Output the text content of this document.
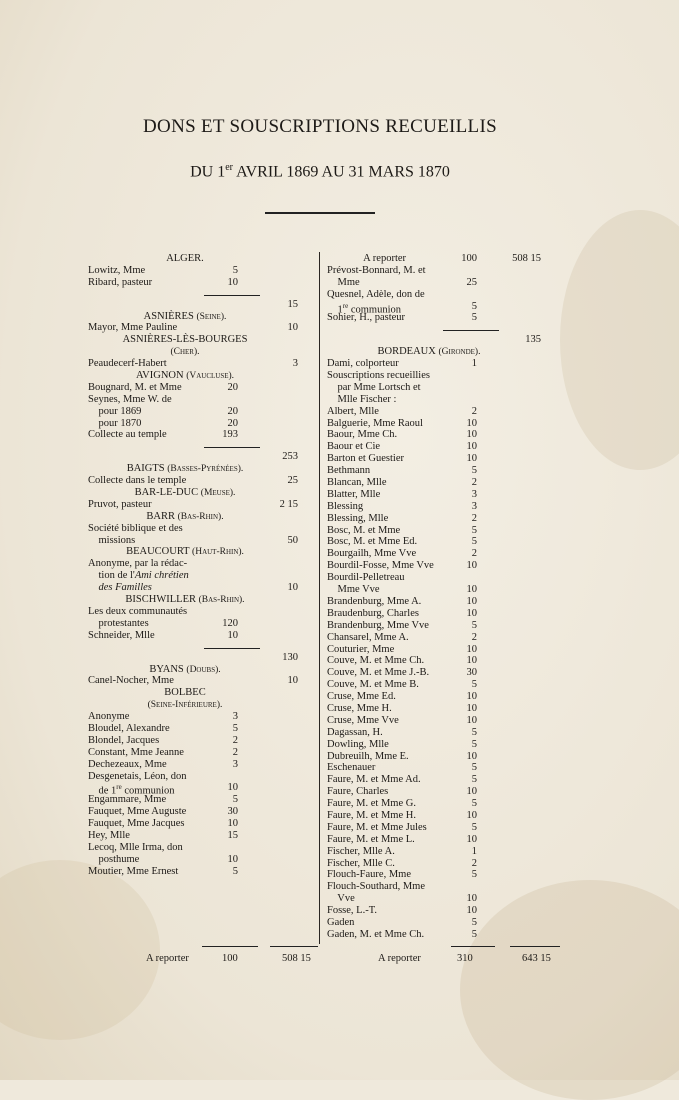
DONS ET SOUSCRIPTIONS RECUEILLIS
DU 1er AVRIL 1869 AU 31 MARS 1870
ALGER.
Lowitz, Mme	5
Ribard, pasteur	10
15
ASNIÈRES (Seine).
Mayor, Mme Pauline	10
ASNIÈRES-LÈS-BOURGES
(Cher).
Peaudecerf-Habert	3
AVIGNON (Vaucluse).
Bougnard, M. et Mme	20
Seynes, Mme W. de
pour 1869	20
pour 1870	20
Collecte au temple	193
253
BAIGTS (Basses-Pyrénées).
Collecte dans le temple	25
BAR-LE-DUC (Meuse).
Pruvot, pasteur	2 15
BARR (Bas-Rhin).
Société biblique et des
missions	50
BEAUCOURT (Haut-Rhin).
Anonyme, par la rédac-
tion de l'Ami chrétien
des Familles	10
BISCHWILLER (Bas-Rhin).
Les deux communautés
protestantes	120
Schneider, Mlle	10
130
BYANS (Doubs).
Canel-Nocher, Mme	10
BOLBEC
(Seine-Inférieure).
Anonyme	3
Bloudel, Alexandre	5
Blondel, Jacques	2
Constant, Mme Jeanne	2
Dechezeaux, Mme	3
Desgenetais, Léon, don
de 1re communion	10
Engammare, Mme	5
Fauquet, Mme Auguste	30
Fauquet, Mme Jacques	10
Hey, Mlle	15
Lecoq, Mlle Irma, don
posthume	10
Moutier, Mme Ernest	5
A reporter	100	508 15
Prévost-Bonnard, M. et
Mme	25
Quesnel, Adèle, don de
1re communion	5
Sohier, H., pasteur	5
135
BORDEAUX (Gironde).
Dami, colporteur	1
Souscriptions recueillies
par Mme Lortsch et
Mlle Fischer :
Albert, Mlle	2
Balguerie, Mme Raoul	10
Baour, Mme Ch.	10
Baour et Cie	10
Barton et Guestier	10
Bethmann	5
Blancan, Mlle	2
Blatter, Mlle	3
Blessing	3
Blessing, Mlle	2
Bosc, M. et Mme	5
Bosc, M. et Mme Ed.	5
Bourgailh, Mme Vve	2
Bourdil-Fosse, Mme Vve	10
Bourdil-Pelletreau
Mme Vve	10
Brandenburg, Mme A.	10
Braudenburg, Charles	10
Brandenburg, Mme Vve	5
Chansarel, Mme A.	2
Couturier, Mme	10
Couve, M. et Mme Ch.	10
Couve, M. et Mme J.-B.	30
Couve, M. et Mme B.	5
Cruse, Mme Ed.	10
Cruse, Mme H.	10
Cruse, Mme Vve	10
Dagassan, H.	5
Dowling, Mlle	5
Dubreuilh, Mme E.	10
Eschenauer	5
Faure, M. et Mme Ad.	5
Faure, Charles	10
Faure, M. et Mme G.	5
Faure, M. et Mme H.	10
Faure, M. et Mme Jules	5
Faure, M. et Mme L.	10
Fischer, Mlle A.	1
Fischer, Mlle C.	2
Flouch-Faure, Mme	5
Flouch-Southard, Mme
Vve	10
Fosse, L.-T.	10
Gaden	5
Gaden, M. et Mme Ch.	5
A reporter	100	508 15	A reporter	310	643 15
